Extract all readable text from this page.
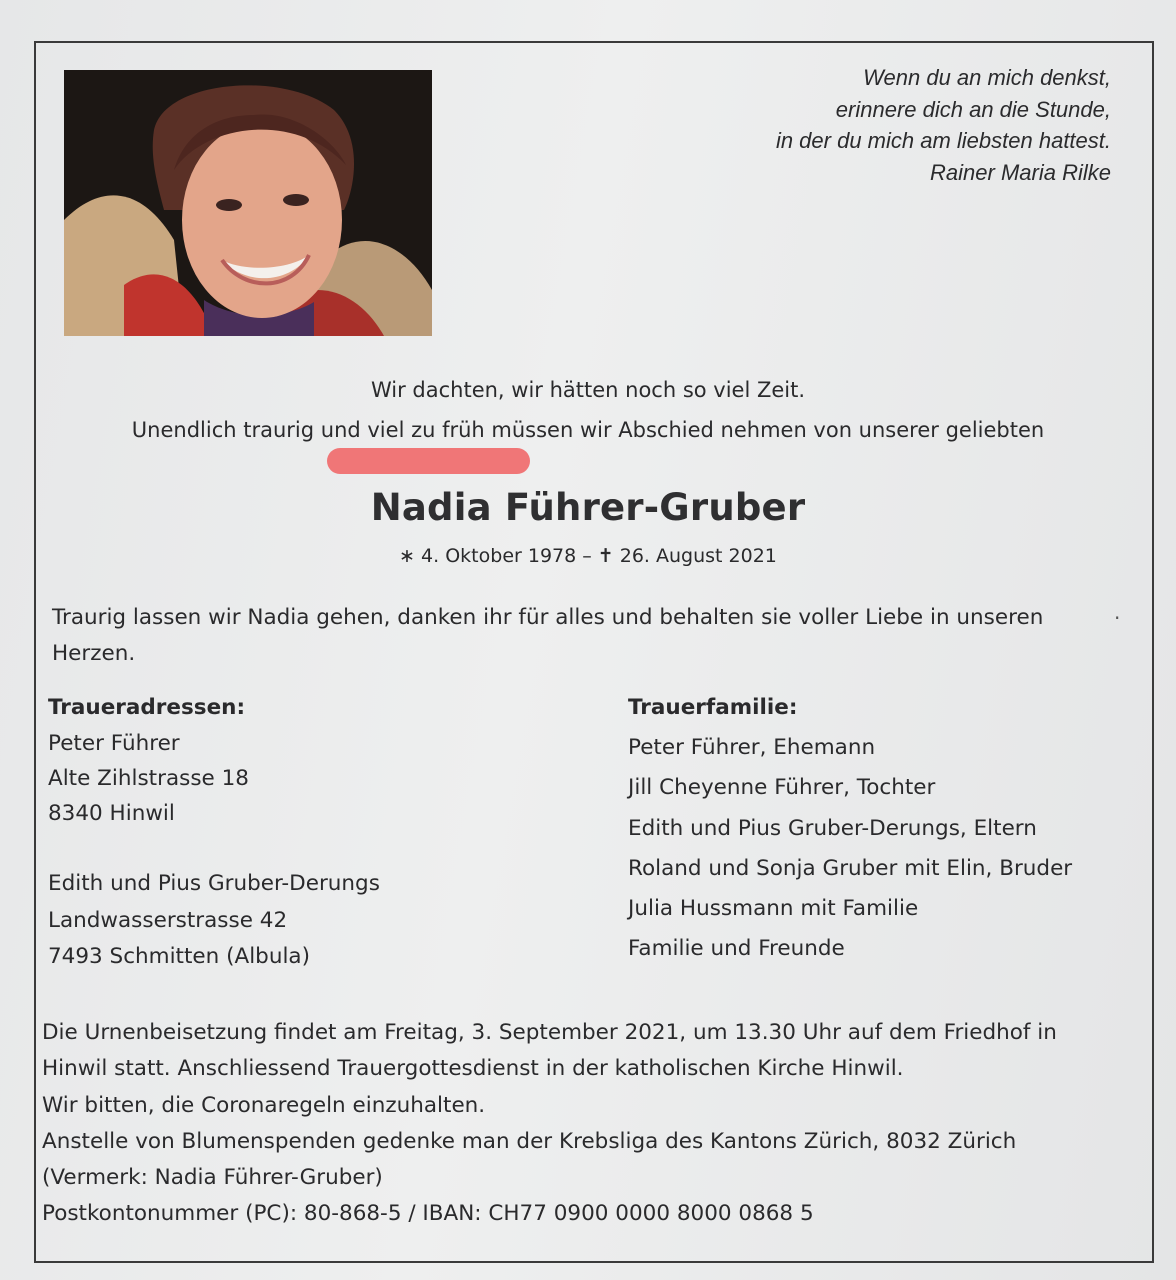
Wenn du an mich denkst,
erinnere dich an die Stunde,
in der du mich am liebsten hattest.
Rainer Maria Rilke
Wir dachten, wir hätten noch so viel Zeit.
Unendlich traurig und viel zu früh müssen wir Abschied nehmen von unserer geliebten
Nadia Führer-Gruber
∗ 4. Oktober 1978 – ✝ 26. August 2021
Traurig lassen wir Nadia gehen, danken ihr für alles und behalten sie voller Liebe in unseren Herzen.
·
Traueradressen:
Peter Führer
Alte Zihlstrasse 18
8340 Hinwil
Edith und Pius Gruber-Derungs
Landwasserstrasse 42
7493 Schmitten (Albula)
Trauerfamilie:
Peter Führer, Ehemann
Jill Cheyenne Führer, Tochter
Edith und Pius Gruber-Derungs, Eltern
Roland und Sonja Gruber mit Elin, Bruder
Julia Hussmann mit Familie
Familie und Freunde
Die Urnenbeisetzung findet am Freitag, 3. September 2021, um 13.30 Uhr auf dem Friedhof in
Hinwil statt. Anschliessend Trauergottesdienst in der katholischen Kirche Hinwil.
Wir bitten, die Coronaregeln einzuhalten.
Anstelle von Blumenspenden gedenke man der Krebsliga des Kantons Zürich, 8032 Zürich
(Vermerk: Nadia Führer-Gruber)
Postkontonummer (PC): 80-868-5 / IBAN: CH77 0900 0000 8000 0868 5
